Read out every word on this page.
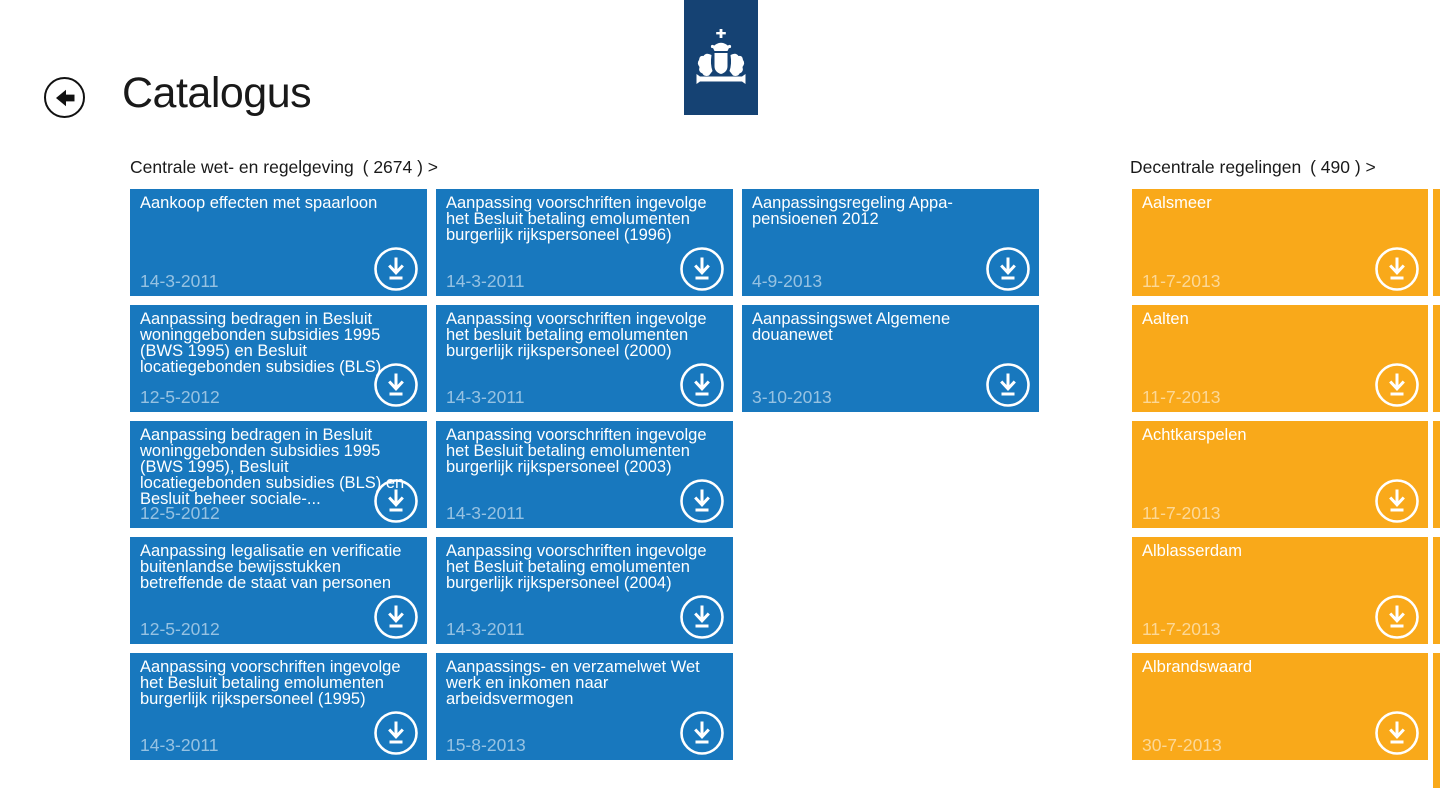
Catalogus
Centrale wet- en regelgeving ( 2674 ) >	Decentrale regelingen ( 490 ) >
Aankoop effecten met spaarloon
14-3-2011
Aanpassing bedragen in Besluit woninggebonden subsidies 1995 (BWS 1995) en Besluit locatiegebonden subsidies (BLS)
12-5-2012
Aanpassing bedragen in Besluit woninggebonden subsidies 1995 (BWS 1995), Besluit locatiegebonden subsidies (BLS) en Besluit beheer sociale-...
12-5-2012
Aanpassing legalisatie en verificatie buitenlandse bewijsstukken betreffende de staat van personen
12-5-2012
Aanpassing voorschriften ingevolge het Besluit betaling emolumenten burgerlijk rijkspersoneel (1995)
14-3-2011
Aanpassing voorschriften ingevolge het Besluit betaling emolumenten burgerlijk rijkspersoneel (1996)
14-3-2011
Aanpassing voorschriften ingevolge het besluit betaling emolumenten burgerlijk rijkspersoneel (2000)
14-3-2011
Aanpassing voorschriften ingevolge het Besluit betaling emolumenten burgerlijk rijkspersoneel (2003)
14-3-2011
Aanpassing voorschriften ingevolge het Besluit betaling emolumenten burgerlijk rijkspersoneel (2004)
14-3-2011
Aanpassings- en verzamelwet Wet werk en inkomen naar arbeidsvermogen
15-8-2013
Aanpassingsregeling Appa-pensioenen 2012
4-9-2013
Aanpassingswet Algemene douanewet
3-10-2013
Aalsmeer
11-7-2013
Aalten
11-7-2013
Achtkarspelen
11-7-2013
Alblasserdam
11-7-2013
Albrandswaard
30-7-2013
